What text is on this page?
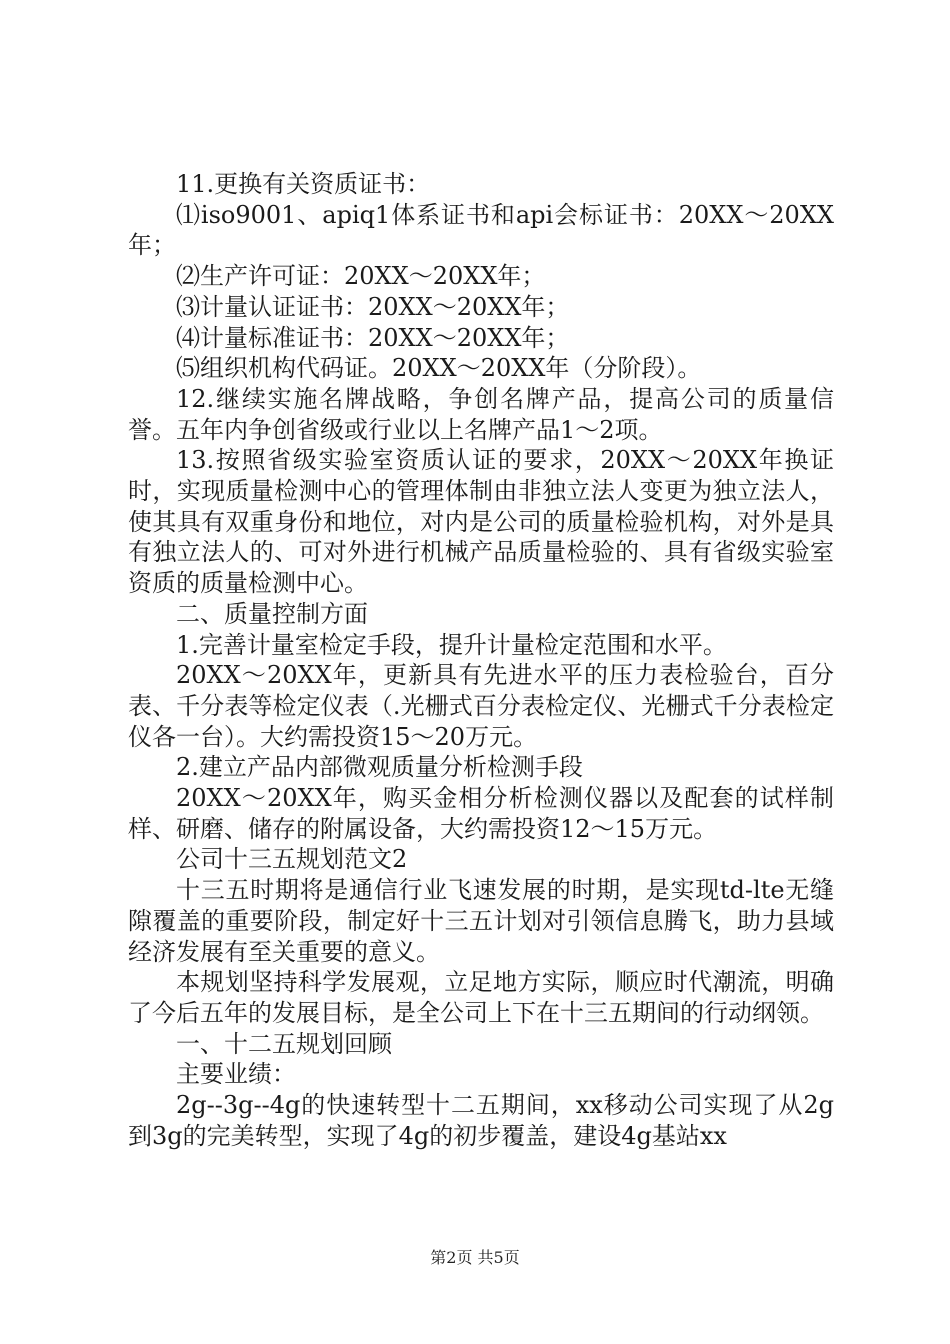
11.更换有关资质证书：

⑴iso9001、apiq1体系证书和api会标证书：20XX～20XX年；

⑵生产许可证：20XX～20XX年；

⑶计量认证证书：20XX～20XX年；

⑷计量标准证书：20XX～20XX年；

⑸组织机构代码证。20XX～20XX年（分阶段）。

12.继续实施名牌战略，争创名牌产品，提高公司的质量信誉。五年内争创省级或行业以上名牌产品1～2项。

13.按照省级实验室资质认证的要求，20XX～20XX年换证时，实现质量检测中心的管理体制由非独立法人变更为独立法人，使其具有双重身份和地位，对内是公司的质量检验机构，对外是具有独立法人的、可对外进行机械产品质量检验的、具有省级实验室资质的质量检测中心。

二、质量控制方面

1.完善计量室检定手段，提升计量检定范围和水平。

20XX～20XX年，更新具有先进水平的压力表检验台，百分表、千分表等检定仪表（.光栅式百分表检定仪、光栅式千分表检定仪各一台）。大约需投资15～20万元。

2.建立产品内部微观质量分析检测手段

20XX～20XX年，购买金相分析检测仪器以及配套的试样制样、研磨、储存的附属设备，大约需投资12～15万元。

公司十三五规划范文2

十三五时期将是通信行业飞速发展的时期，是实现td-lte无缝隙覆盖的重要阶段，制定好十三五计划对引领信息腾飞，助力县域经济发展有至关重要的意义。

本规划坚持科学发展观，立足地方实际，顺应时代潮流，明确了今后五年的发展目标，是全公司上下在十三五期间的行动纲领。

一、十二五规划回顾

主要业绩：

2g--3g--4g的快速转型十二五期间，xx移动公司实现了从2g到3g的完美转型，实现了4g的初步覆盖，建设4g基站xx

第2页 共5页
